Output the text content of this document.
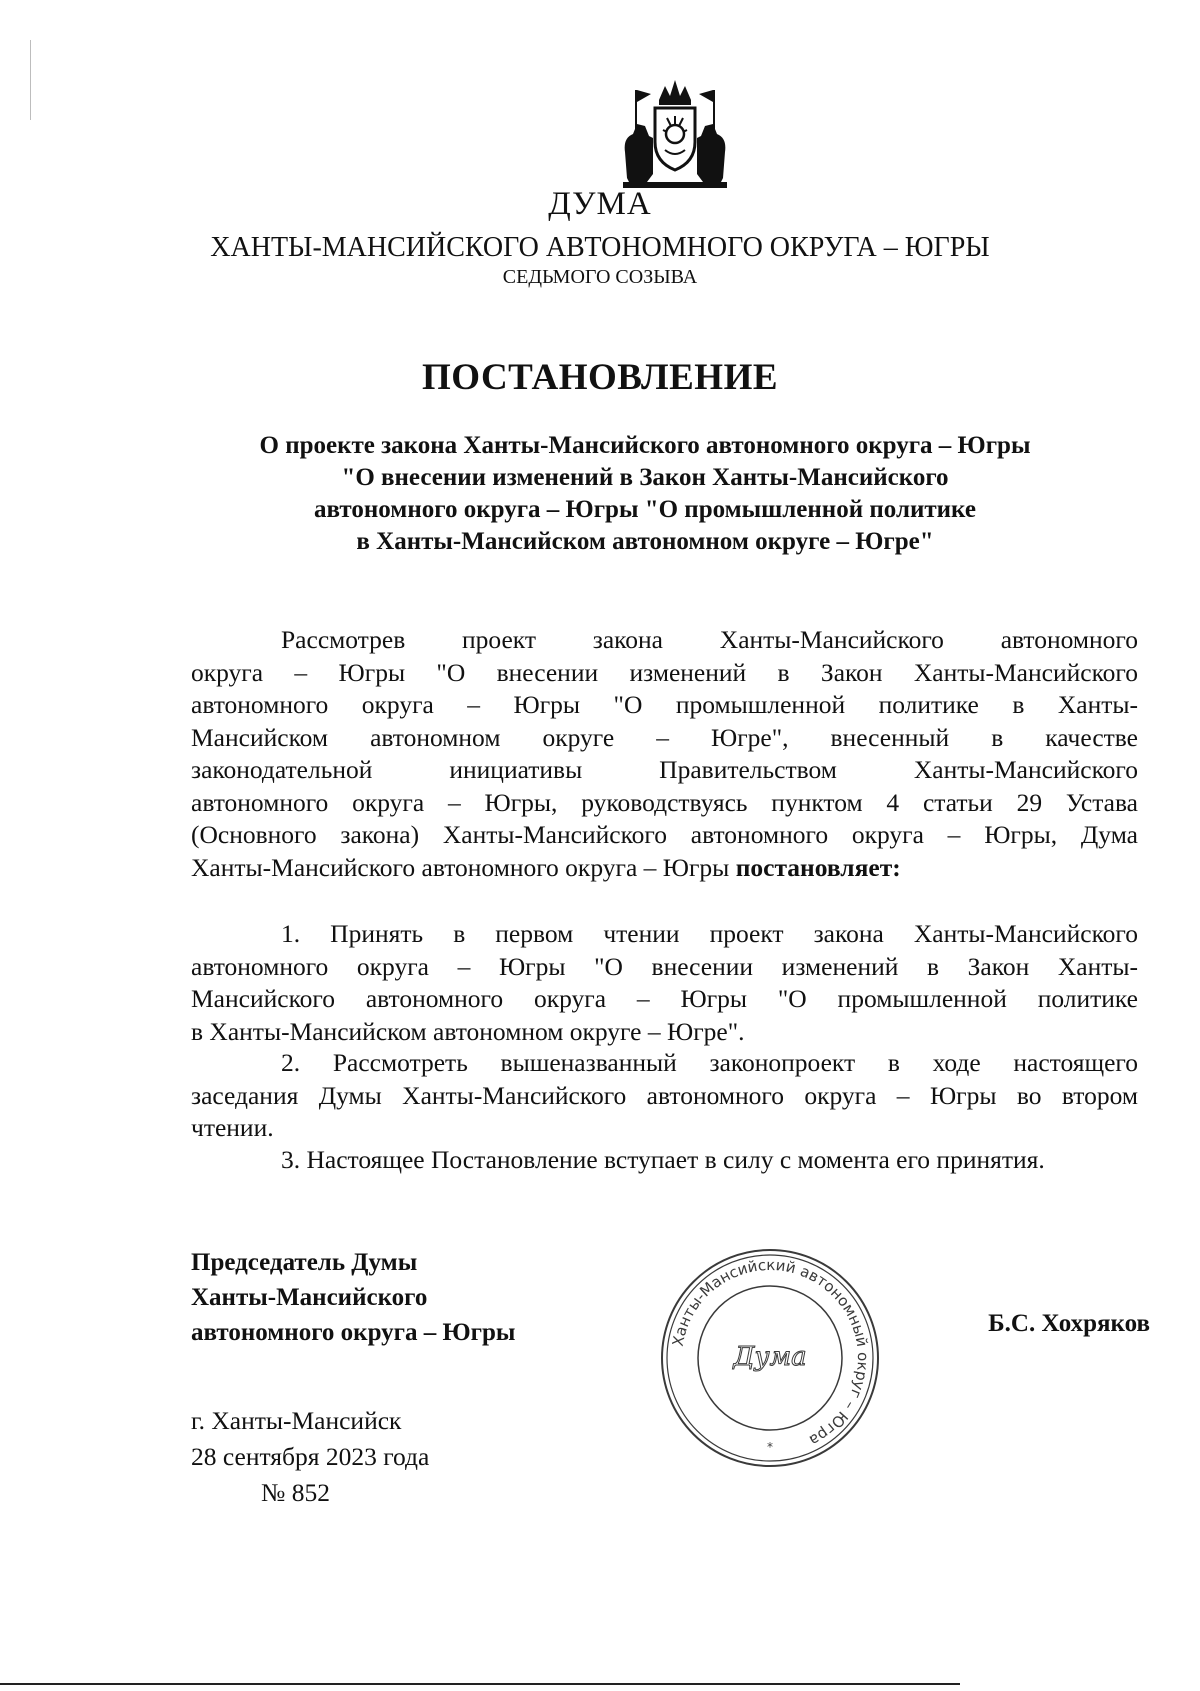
ДУМА
ХАНТЫ-МАНСИЙСКОГО АВТОНОМНОГО ОКРУГА – ЮГРЫ
СЕДЬМОГО СОЗЫВА
ПОСТАНОВЛЕНИЕ
О проекте закона Ханты-Мансийского автономного округа – Югры
"О внесении изменений в Закон Ханты-Мансийского
автономного округа – Югры "О промышленной политике
в Ханты-Мансийском автономном округе – Югре"
Рассмотрев проект закона Ханты-Мансийского автономного
округа – Югры "О внесении изменений в Закон Ханты-Мансийского
автономного округа – Югры "О промышленной политике в Ханты-
Мансийском автономном округе – Югре", внесенный в качестве
законодательной инициативы Правительством Ханты-Мансийского
автономного округа – Югры, руководствуясь пунктом 4 статьи 29 Устава
(Основного закона) Ханты-Мансийского автономного округа – Югры, Дума
Ханты-Мансийского автономного округа – Югры постановляет:
1. Принять в первом чтении проект закона Ханты-Мансийского
автономного округа – Югры "О внесении изменений в Закон Ханты-
Мансийского автономного округа – Югры "О промышленной политике
в Ханты-Мансийском автономном округе – Югре".
2. Рассмотреть вышеназванный законопроект в ходе настоящего
заседания Думы Ханты-Мансийского автономного округа – Югры во втором
чтении.
3. Настоящее Постановление вступает в силу с момента его принятия.
Председатель Думы
Ханты-Мансийского
автономного округа – Югры	Ханты-Мансийский автономный округ – Югра
Дума
*
Б.С. Хохряков
г. Ханты-Мансийск
28 сентября 2023 года
№ 852
